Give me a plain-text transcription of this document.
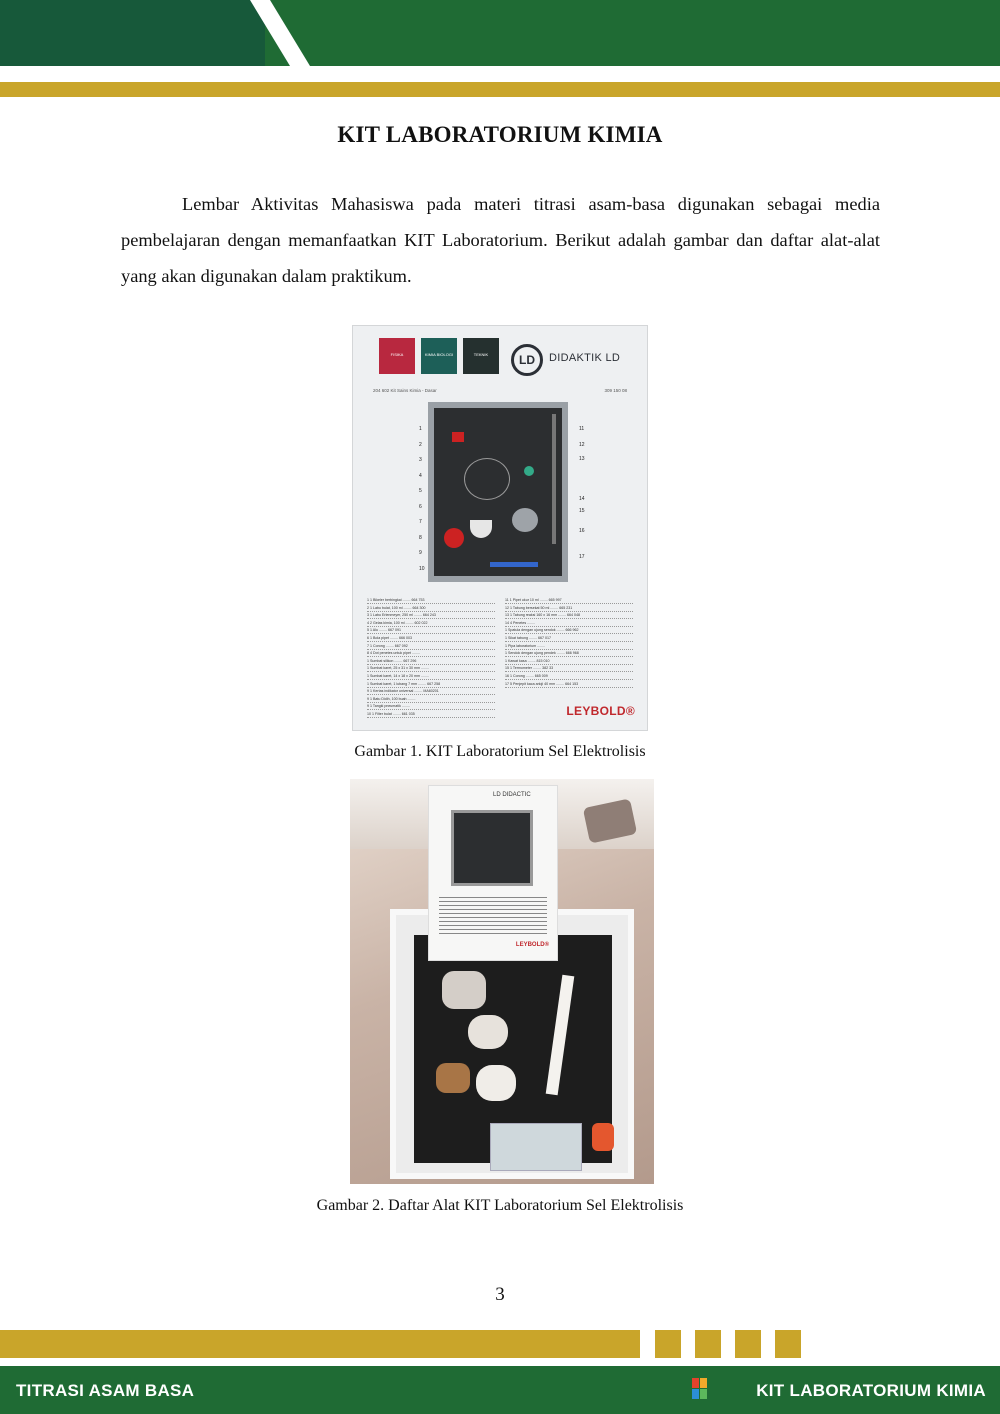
KIT LABORATORIUM KIMIA

Lembar Aktivitas Mahasiswa pada materi titrasi asam-basa digunakan sebagai media pembelajaran dengan memanfaatkan KIT Laboratorium. Berikut adalah gambar dan daftar alat-alat yang akan digunakan dalam praktikum.

FISIKA	KIMIA BIOLOGI	TEKNIK	LD	DIDAKTIK LD
204 602 Kit Sains Kimia - Dasar	309 150 08
1
2
3
4
5
6
7
8
9
10
11
12
13
14
15
16
17
1 1 Bikeler berbingkai ........ 664 753
2 1 Labu bulat, 100 ml ........ 664 300
3 1 Labu Erlenmeyer, 250 ml ........ 664 243
4 2 Gelas kimia, 100 ml ........ 602 022
5 1 Alu ........ 667 091
6 1 Bola pipet ........ 666 003
7 1 Corong ........ 667 092
8 4 Dot penetes untuk pipet ........
1 Sumbat silikon ........ 667 296
1 Sumbat karet, 25 x 31 x 30 mm ........
1 Sumbat karet, 14 x 18 x 20 mm ........
1 Sumbat karet, 1 lubang 7 mm ........ 667 258
9 1 Kertas indikator universal ........ MA60201
9 1 Batu Didih, 100 buah ........
9 1 Tangki pneumatik ........
10 1 Filter bulat ........ 661 035
11 1 Pipet ukur 10 ml ........ 665 997
12 1 Tabung bersekat 50 ml ........ 665 231
13 1 Tabung reaksi 160 x 16 mm ........ 664 048
14 4 Penetes ........
1 Spatula dengan ujung sendok ........ 666 962
1 Sikat tabung ........ 667 017
1 Pipa laboratorium ........
1 Sendok dengan ujung pendek ........ 666 968
1 Kawat kasa ........ 815 010
15 1 Termometer ........ 382 33
16 1 Corong ........ 665 009
17 5 Penjepit kaca arloji 40 mm ........ 664 153
LEYBOLD®
Gambar 1. KIT Laboratorium Sel Elektrolisis
LD DIDACTIC
LEYBOLD®
Gambar 2. Daftar Alat KIT Laboratorium Sel Elektrolisis
3
TITRASI ASAM BASA	KIT LABORATORIUM KIMIA
